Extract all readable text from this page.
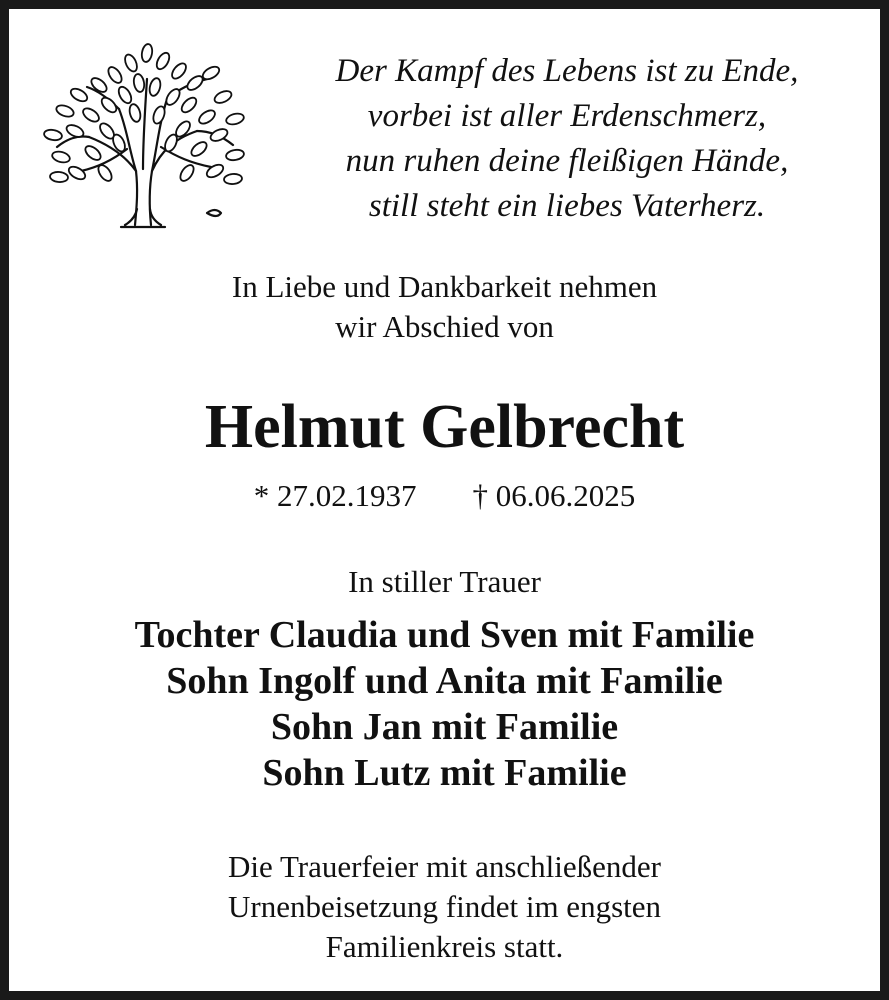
Der Kampf des Lebens ist zu Ende,
vorbei ist aller Erdenschmerz,
nun ruhen deine fleißigen Hände,
still steht ein liebes Vaterherz.
In Liebe und Dankbarkeit nehmen
wir Abschied von
Helmut Gelbrecht
* 27.02.1937 † 06.06.2025
In stiller Trauer
Tochter Claudia und Sven mit Familie
Sohn Ingolf und Anita mit Familie
Sohn Jan mit Familie
Sohn Lutz mit Familie
Die Trauerfeier mit anschließender
Urnenbeisetzung findet im engsten
Familienkreis statt.
